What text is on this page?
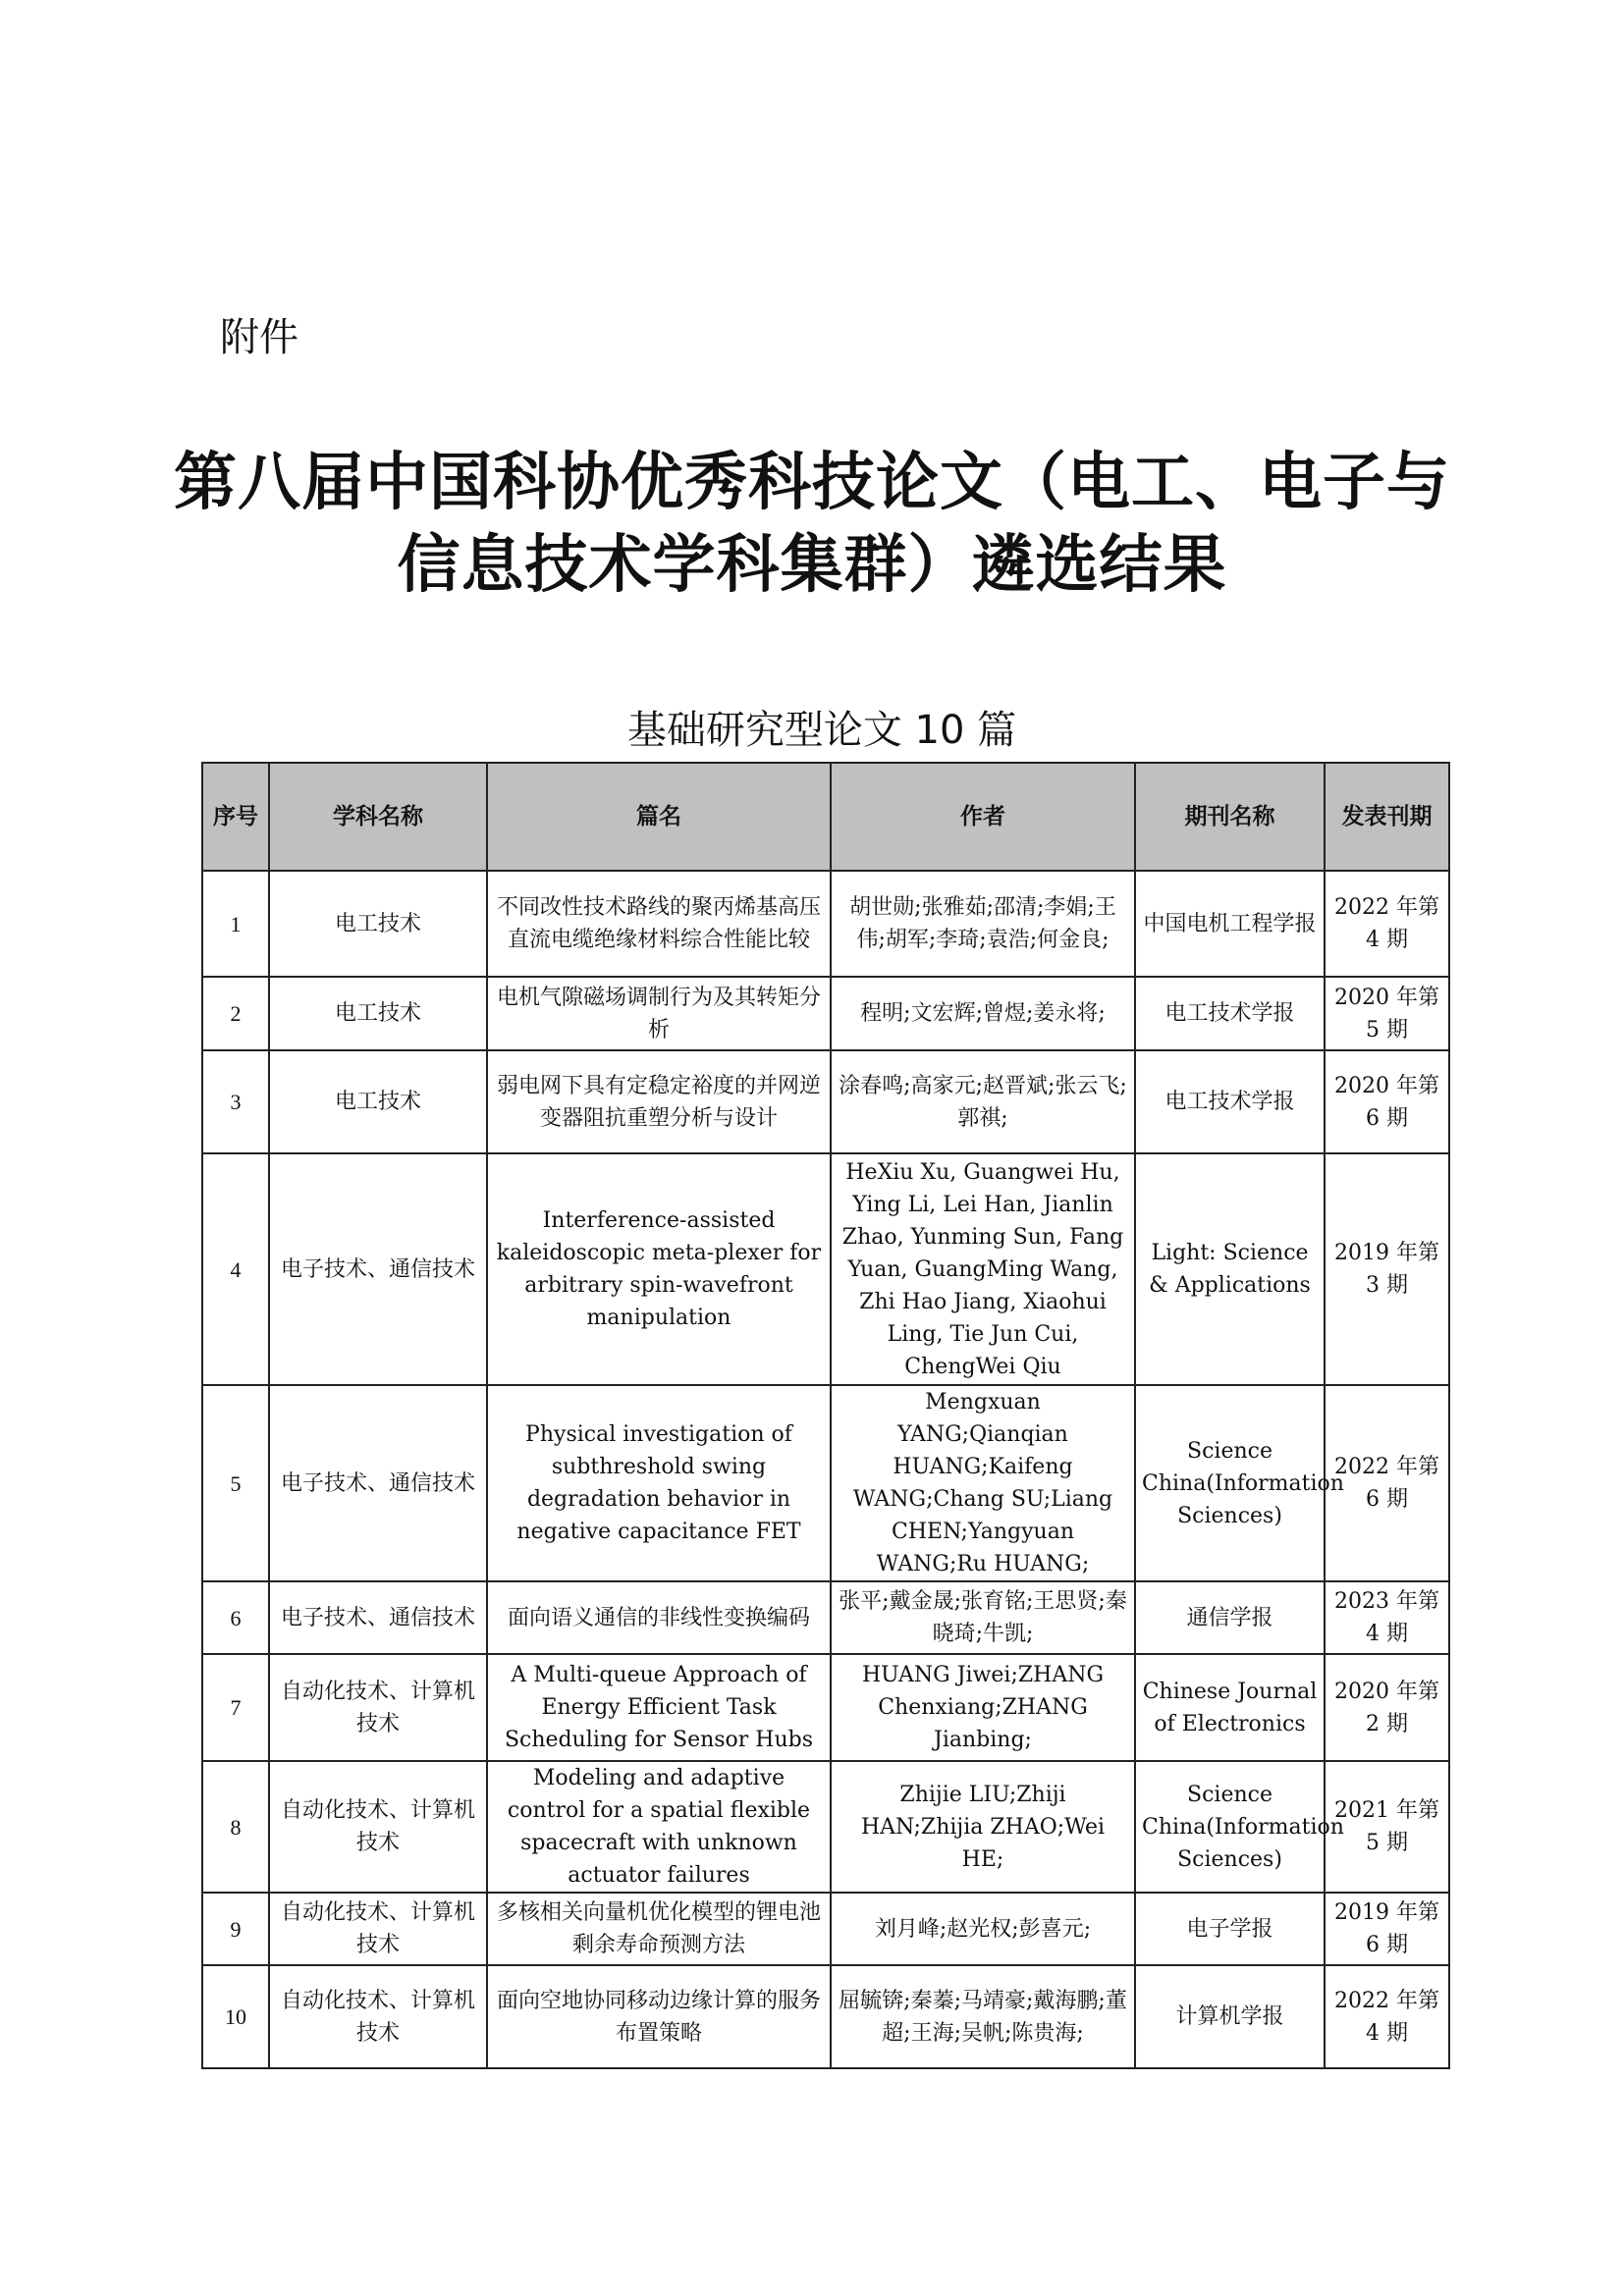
附件
第八届中国科协优秀科技论文（电工、电子与
信息技术学科集群）遴选结果
基础研究型论文 10 篇
序号	学科名称	篇名	作者	期刊名称	发表刊期
1	电工技术	不同改性技术路线的聚丙烯基高压直流电缆绝缘材料综合性能比较	胡世勋;张雅茹;邵清;李娟;王伟;胡军;李琦;袁浩;何金良;	中国电机工程学报	2022 年第 4 期
2	电工技术	电机气隙磁场调制行为及其转矩分析	程明;文宏辉;曾煜;姜永将;	电工技术学报	2020 年第 5 期
3	电工技术	弱电网下具有定稳定裕度的并网逆变器阻抗重塑分析与设计	涂春鸣;高家元;赵晋斌;张云飞;郭祺;	电工技术学报	2020 年第 6 期
4	电子技术、通信技术	Interference-assisted kaleidoscopic meta-plexer for arbitrary spin-wavefront manipulation	HeXiu Xu, Guangwei Hu, Ying Li, Lei Han, Jianlin Zhao, Yunming Sun, Fang Yuan, GuangMing Wang, Zhi Hao Jiang, Xiaohui Ling, Tie Jun Cui, ChengWei Qiu	Light: Science & Applications	2019 年第 3 期
5	电子技术、通信技术	Physical investigation of subthreshold swing degradation behavior in negative capacitance FET	Mengxuan YANG;Qianqian HUANG;Kaifeng WANG;Chang SU;Liang CHEN;Yangyuan WANG;Ru HUANG;	Science China(Information Sciences)	2022 年第 6 期
6	电子技术、通信技术	面向语义通信的非线性变换编码	张平;戴金晟;张育铭;王思贤;秦晓琦;牛凯;	通信学报	2023 年第 4 期
7	自动化技术、计算机技术	A Multi-queue Approach of Energy Efficient Task Scheduling for Sensor Hubs	HUANG Jiwei;ZHANG Chenxiang;ZHANG Jianbing;	Chinese Journal of Electronics	2020 年第 2 期
8	自动化技术、计算机技术	Modeling and adaptive control for a spatial flexible spacecraft with unknown actuator failures	Zhijie LIU;Zhiji HAN;Zhijia ZHAO;Wei HE;	Science China(Information Sciences)	2021 年第 5 期
9	自动化技术、计算机技术	多核相关向量机优化模型的锂电池剩余寿命预测方法	刘月峰;赵光权;彭喜元;	电子学报	2019 年第 6 期
10	自动化技术、计算机技术	面向空地协同移动边缘计算的服务布置策略	屈毓锛;秦蓁;马靖豪;戴海鹏;董超;王海;吴帆;陈贵海;	计算机学报	2022 年第 4 期
